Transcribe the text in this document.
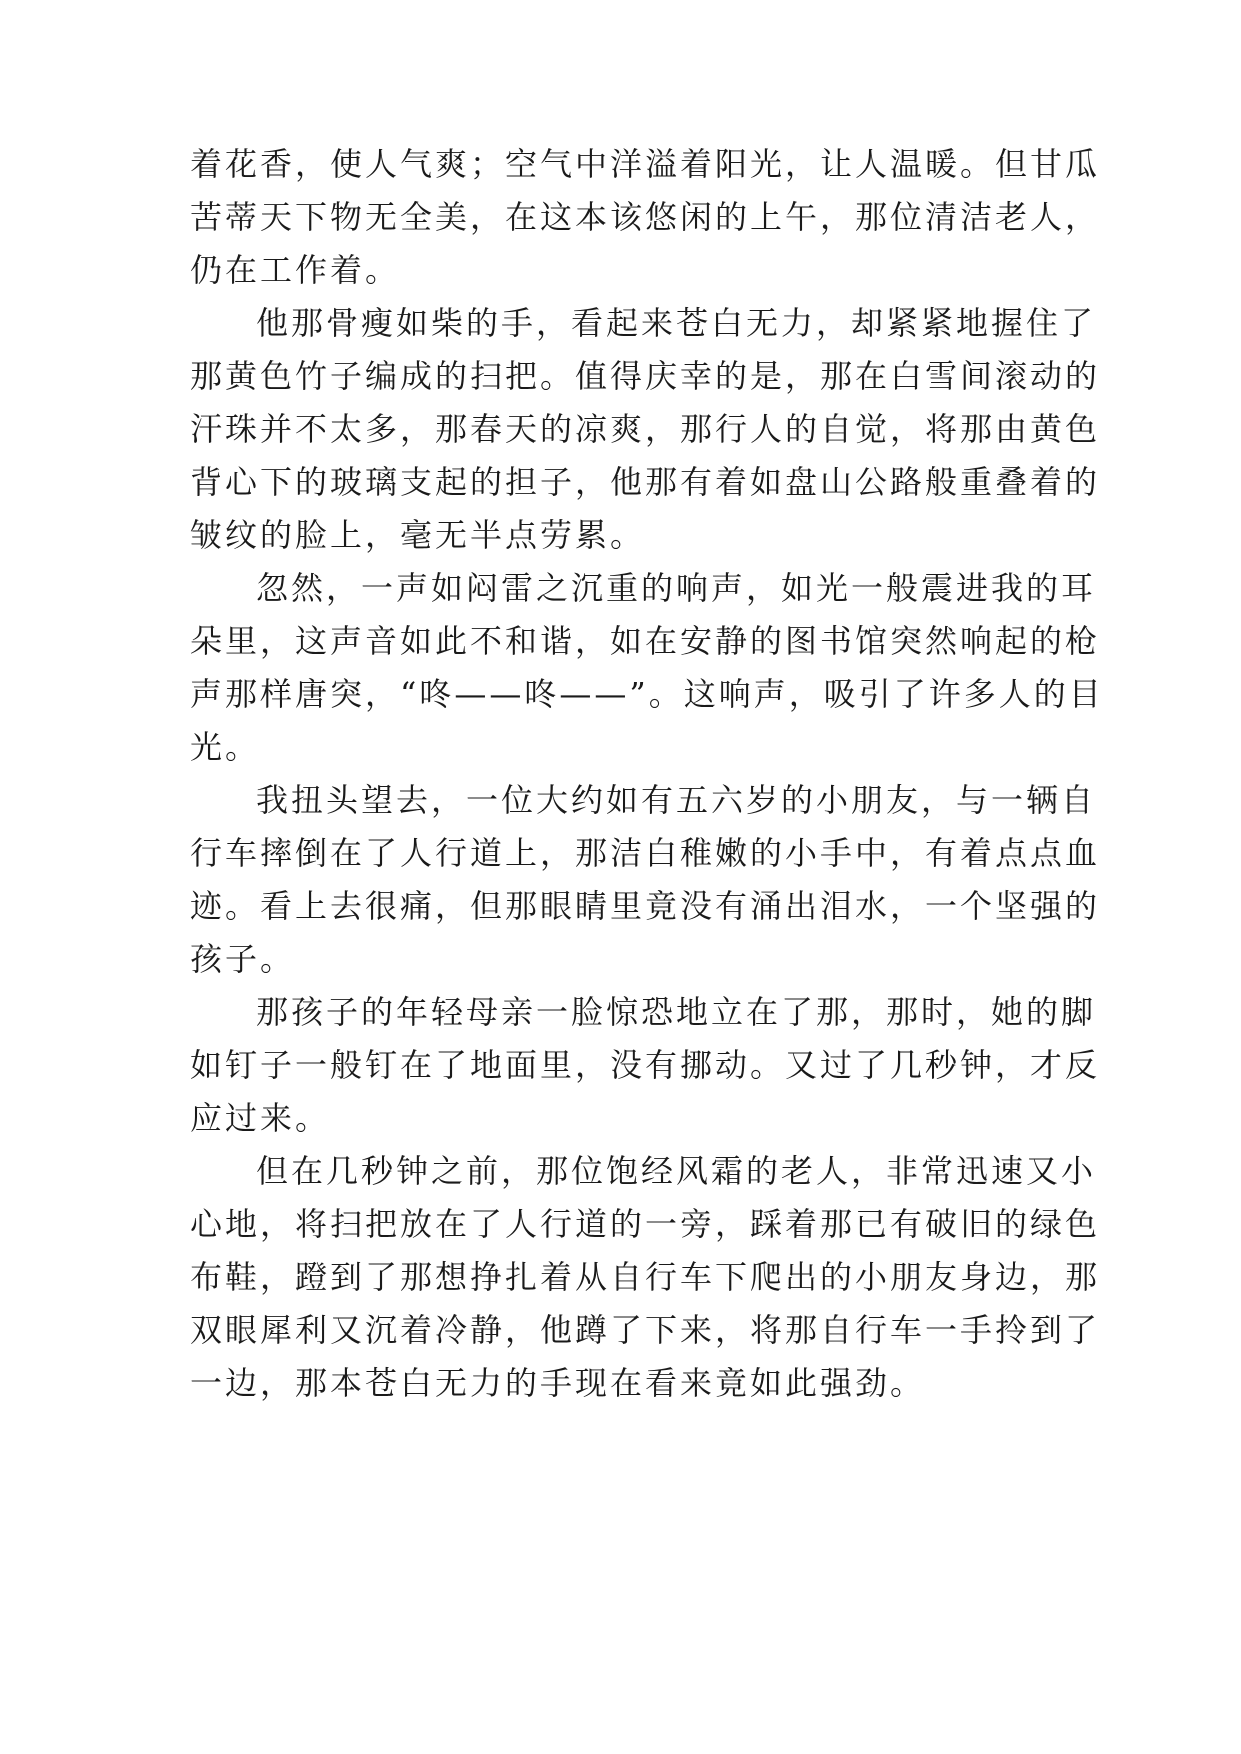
着花香，使人气爽；空气中洋溢着阳光，让人温暖。但甘瓜
苦蒂天下物无全美，在这本该悠闲的上午，那位清洁老人，
仍在工作着。
他那骨瘦如柴的手，看起来苍白无力，却紧紧地握住了
那黄色竹子编成的扫把。值得庆幸的是，那在白雪间滚动的
汗珠并不太多，那春天的凉爽，那行人的自觉，将那由黄色
背心下的玻璃支起的担子，他那有着如盘山公路般重叠着的
皱纹的脸上，毫无半点劳累。
忽然，一声如闷雷之沉重的响声，如光一般震进我的耳
朵里，这声音如此不和谐，如在安静的图书馆突然响起的枪
声那样唐突，“咚——咚——”。这响声，吸引了许多人的目
光。
我扭头望去，一位大约如有五六岁的小朋友，与一辆自
行车摔倒在了人行道上，那洁白稚嫩的小手中，有着点点血
迹。看上去很痛，但那眼睛里竟没有涌出泪水，一个坚强的
孩子。
那孩子的年轻母亲一脸惊恐地立在了那，那时，她的脚
如钉子一般钉在了地面里，没有挪动。又过了几秒钟，才反
应过来。
但在几秒钟之前，那位饱经风霜的老人，非常迅速又小
心地，将扫把放在了人行道的一旁，踩着那已有破旧的绿色
布鞋，蹬到了那想挣扎着从自行车下爬出的小朋友身边，那
双眼犀利又沉着冷静，他蹲了下来，将那自行车一手拎到了
一边，那本苍白无力的手现在看来竟如此强劲。
